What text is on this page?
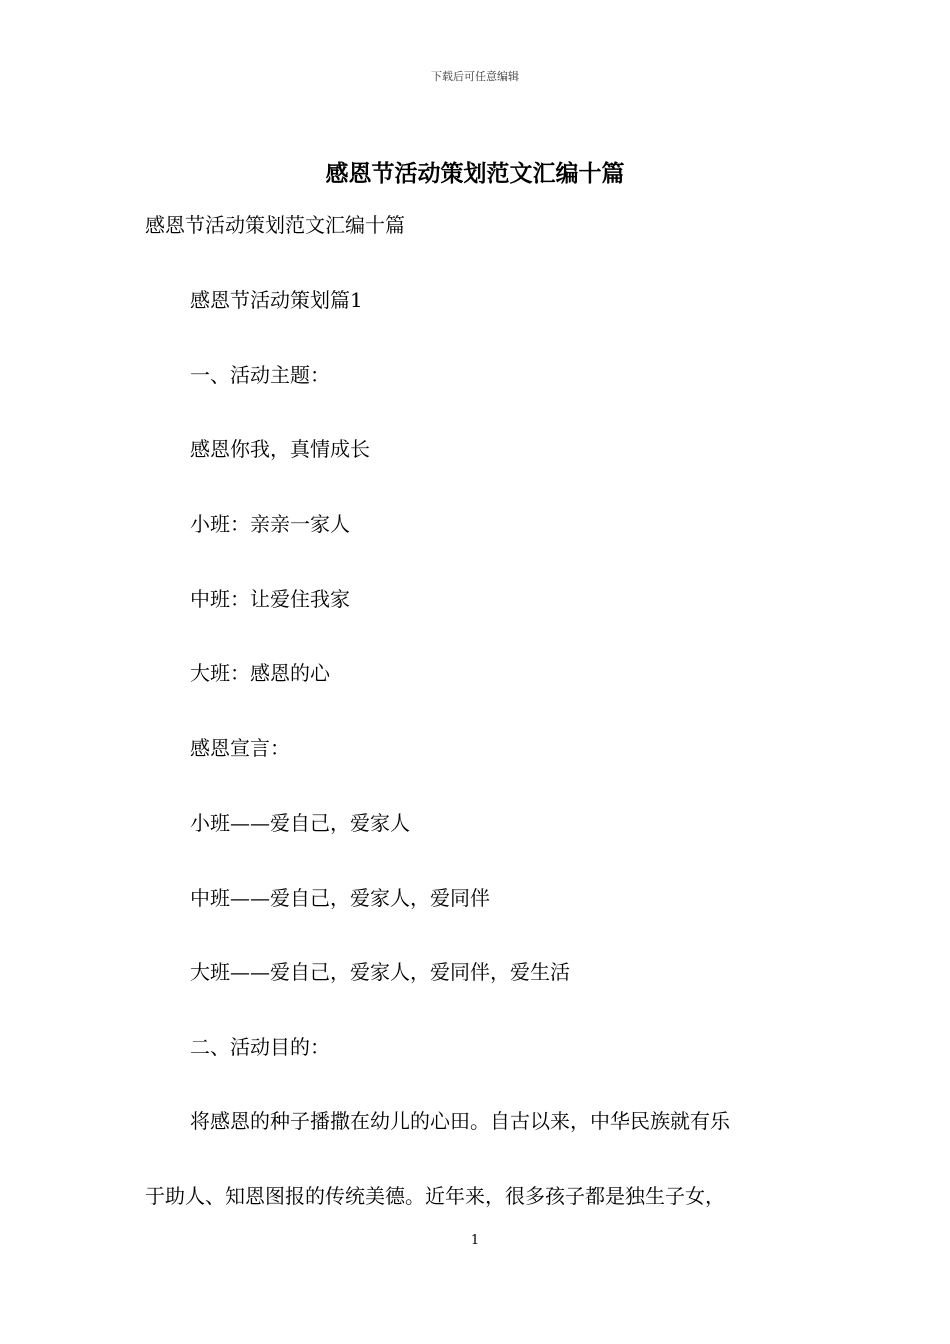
下载后可任意编辑
感恩节活动策划范文汇编十篇
感恩节活动策划范文汇编十篇
感恩节活动策划篇1
一、活动主题：
感恩你我，真情成长
小班：亲亲一家人
中班：让爱住我家
大班：感恩的心
感恩宣言：
小班——爱自己，爱家人
中班——爱自己，爱家人，爱同伴
大班——爱自己，爱家人，爱同伴，爱生活
二、活动目的：
将感恩的种子播撒在幼儿的心田。自古以来，中华民族就有乐
于助人、知恩图报的传统美德。近年来，很多孩子都是独生子女，
1
